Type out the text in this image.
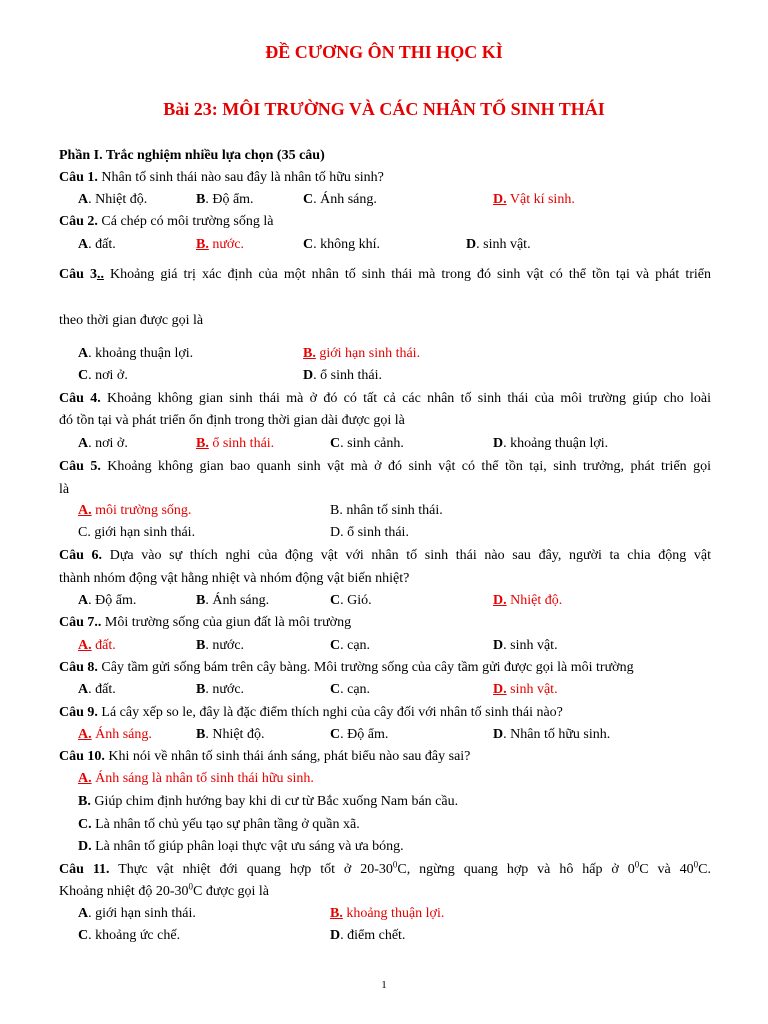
ĐỀ CƯƠNG ÔN THI HỌC KÌ
Bài 23: MÔI TRƯỜNG VÀ CÁC NHÂN TỐ SINH THÁI
Phần I. Trắc nghiệm nhiều lựa chọn (35 câu)
Câu 1. Nhân tố sinh thái nào sau đây là nhân tố hữu sinh?
A. Nhiệt độ.	B. Độ ẩm.	C. Ánh sáng.	D. Vật kí sinh.
Câu 2. Cá chép có môi trường sống là
A. đất.	B. nước.	C. không khí.	D. sinh vật.
Câu 3.. Khoảng giá trị xác định của một nhân tố sinh thái mà trong đó sinh vật có thể tồn tại và phát triển
theo thời gian được gọi là
A. khoảng thuận lợi.	B. giới hạn sinh thái.
C. nơi ở.	D. ổ sinh thái.
Câu 4. Khoảng không gian sinh thái mà ở đó có tất cả các nhân tố sinh thái của môi trường giúp cho loài
đó tồn tại và phát triển ổn định trong thời gian dài được gọi là
A. nơi ở.	B. ổ sinh thái.	C. sinh cảnh.	D. khoảng thuận lợi.
Câu 5. Khoảng không gian bao quanh sinh vật mà ở đó sinh vật có thể tồn tại, sinh trưởng, phát triển gọi
là
A. môi trường sống.	B. nhân tố sinh thái.
C. giới hạn sinh thái.	D. ổ sinh thái.
Câu 6. Dựa vào sự thích nghi của động vật với nhân tố sinh thái nào sau đây, người ta chia động vật
thành nhóm động vật hằng nhiệt và nhóm động vật biến nhiệt?
A. Độ ẩm.	B. Ánh sáng.	C. Gió.	D. Nhiệt độ.
Câu 7.. Môi trường sống của giun đất là môi trường
A. đất.	B. nước.	C. cạn.	D. sinh vật.
Câu 8. Cây tầm gửi sống bám trên cây bàng. Môi trường sống của cây tầm gửi được gọi là môi trường
A. đất.	B. nước.	C. cạn.	D. sinh vật.
Câu 9. Lá cây xếp so le, đây là đặc điểm thích nghi của cây đối với nhân tố sinh thái nào?
A. Ánh sáng.	B. Nhiệt độ.	C. Độ ẩm.	D. Nhân tố hữu sinh.
Câu 10. Khi nói về nhân tố sinh thái ánh sáng, phát biểu nào sau đây sai?
A. Ánh sáng là nhân tố sinh thái hữu sinh.
B. Giúp chim định hướng bay khi di cư từ Bắc xuống Nam bán cầu.
C. Là nhân tố chủ yếu tạo sự phân tầng ở quần xã.
D. Là nhân tố giúp phân loại thực vật ưu sáng và ưa bóng.
Câu 11. Thực vật nhiệt đới quang hợp tốt ở $20-30^0C$, ngừng quang hợp và hô hấp ở $0^0C$ và $40^0C$.
Khoảng nhiệt độ $20-30^0C$ được gọi là
A. giới hạn sinh thái.	B. khoảng thuận lợi.
C. khoảng ức chế.	D. điểm chết.
1
